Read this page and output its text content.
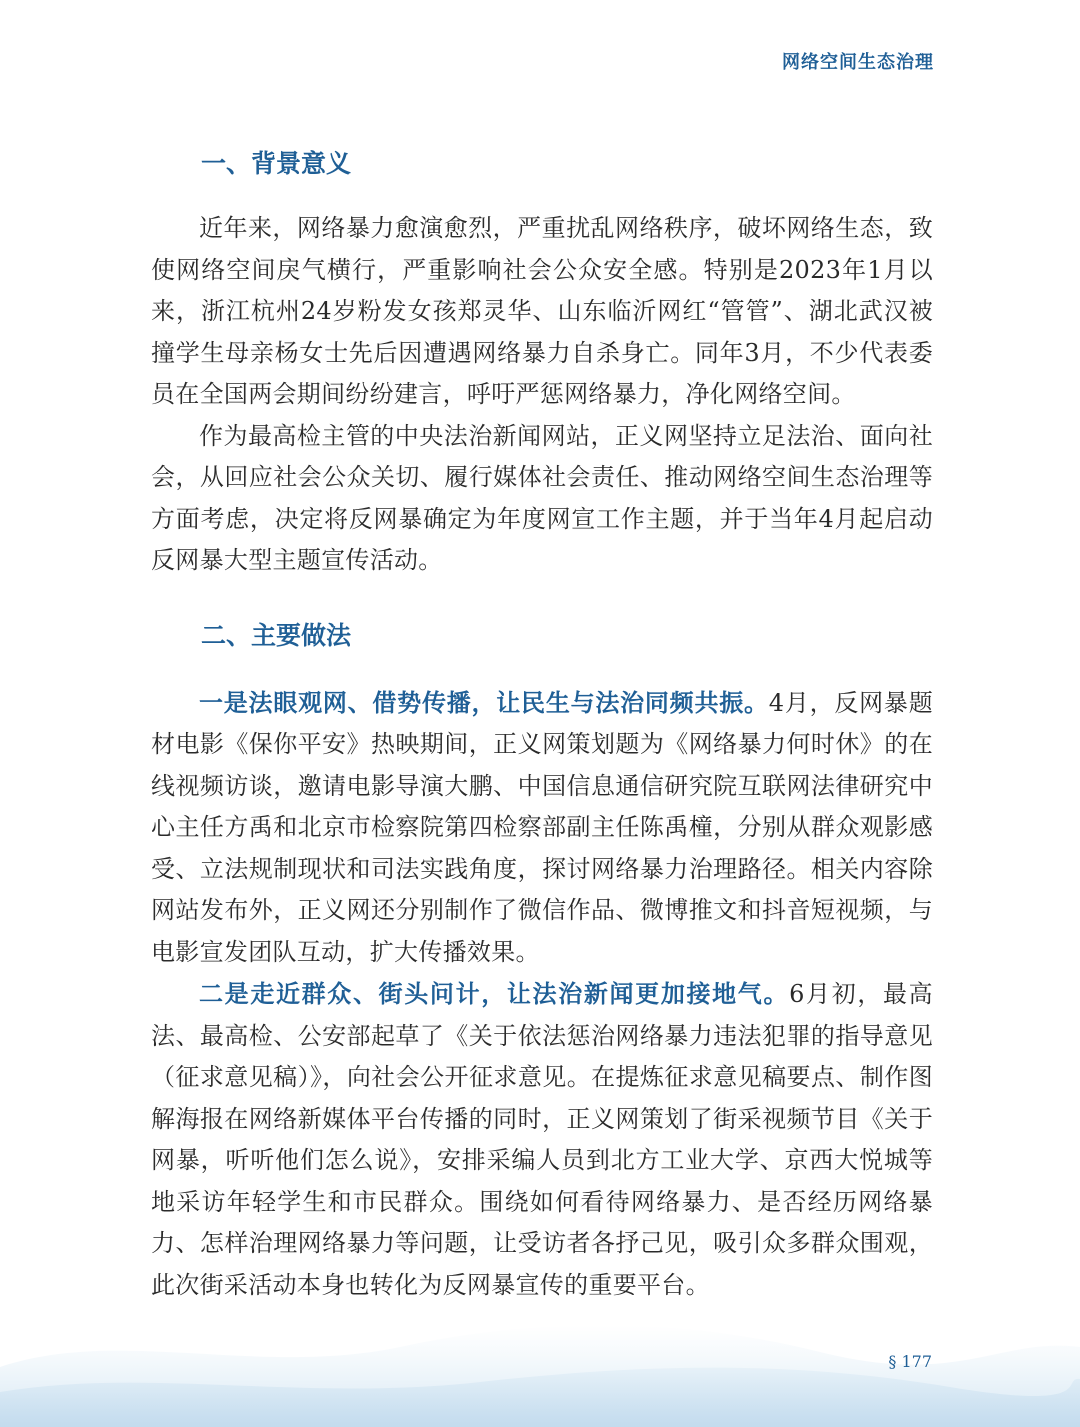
网络空间生态治理
一、背景意义

近年来，网络暴力愈演愈烈，严重扰乱网络秩序，破坏网络生态，致使网络空间戾气横行，严重影响社会公众安全感。特别是2023年1月以来，浙江杭州24岁粉发女孩郑灵华、山东临沂网红“管管”、湖北武汉被撞学生母亲杨女士先后因遭遇网络暴力自杀身亡。同年3月，不少代表委员在全国两会期间纷纷建言，呼吁严惩网络暴力，净化网络空间。

作为最高检主管的中央法治新闻网站，正义网坚持立足法治、面向社会，从回应社会公众关切、履行媒体社会责任、推动网络空间生态治理等方面考虑，决定将反网暴确定为年度网宣工作主题，并于当年4月起启动反网暴大型主题宣传活动。

二、主要做法

一是法眼观网、借势传播，让民生与法治同频共振。4月，反网暴题材电影《保你平安》热映期间，正义网策划题为《网络暴力何时休》的在线视频访谈，邀请电影导演大鹏、中国信息通信研究院互联网法律研究中心主任方禹和北京市检察院第四检察部副主任陈禹橦，分别从群众观影感受、立法规制现状和司法实践角度，探讨网络暴力治理路径。相关内容除网站发布外，正义网还分别制作了微信作品、微博推文和抖音短视频，与电影宣发团队互动，扩大传播效果。

二是走近群众、街头问计，让法治新闻更加接地气。6月初，最高法、最高检、公安部起草了《关于依法惩治网络暴力违法犯罪的指导意见（征求意见稿）》，向社会公开征求意见。在提炼征求意见稿要点、制作图解海报在网络新媒体平台传播的同时，正义网策划了街采视频节目《关于网暴，听听他们怎么说》，安排采编人员到北方工业大学、京西大悦城等地采访年轻学生和市民群众。围绕如何看待网络暴力、是否经历网络暴力、怎样治理网络暴力等问题，让受访者各抒己见，吸引众多群众围观，此次街采活动本身也转化为反网暴宣传的重要平台。

§ 177
